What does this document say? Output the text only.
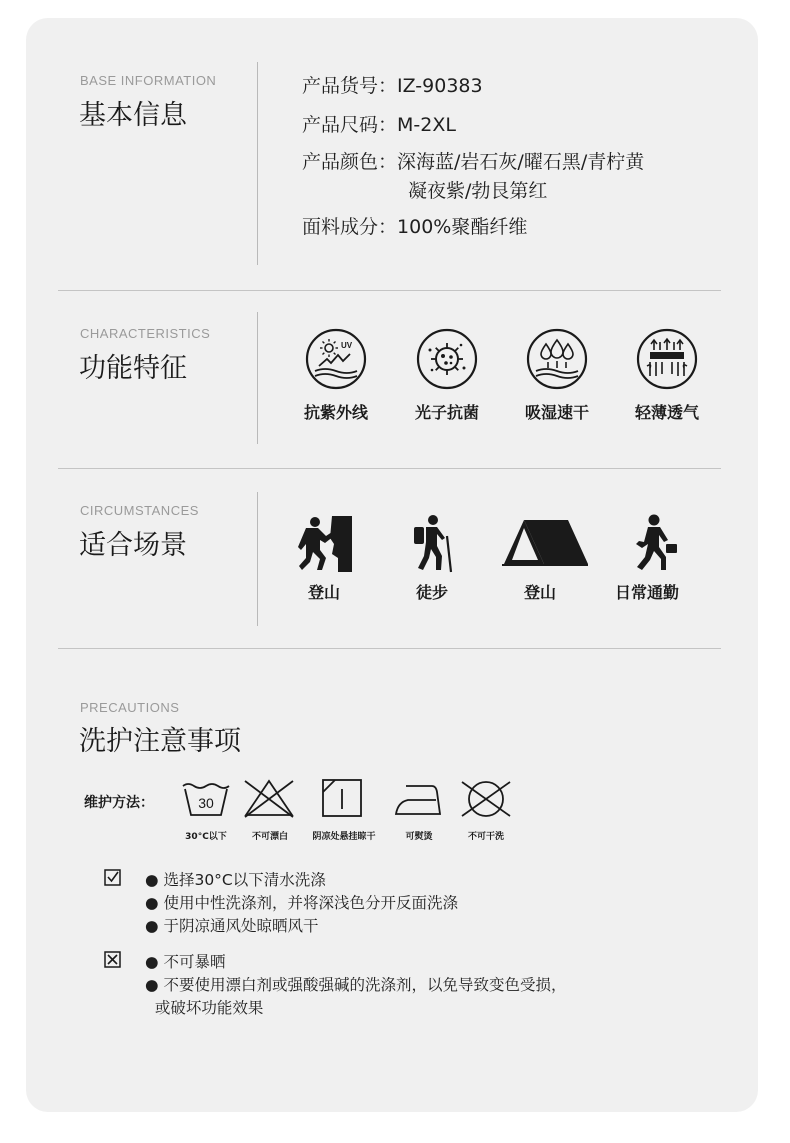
BASE INFORMATION
基本信息
产品货号：IZ-90383
产品尺码：M-2XL
产品颜色：深海蓝/岩石灰/曜石黑/青柠黄
凝夜紫/勃艮第红
面料成分：100%聚酯纤维
CHARACTERISTICS
功能特征
UV
抗紫外线	光子抗菌	吸湿速干	轻薄透气
CIRCUMSTANCES
适合场景
登山	徒步	登山	日常通勤
PRECAUTIONS
洗护注意事项
维护方法：	30
30°C以下	不可漂白	阴凉处悬挂晾干	可熨烫	不可干洗
● 选择30°C以下清水洗涤
● 使用中性洗涤剂，并将深浅色分开反面洗涤
● 于阴凉通风处晾晒风干
● 不可暴晒
● 不要使用漂白剂或强酸强碱的洗涤剂，以免导致变色受损，
或破坏功能效果
